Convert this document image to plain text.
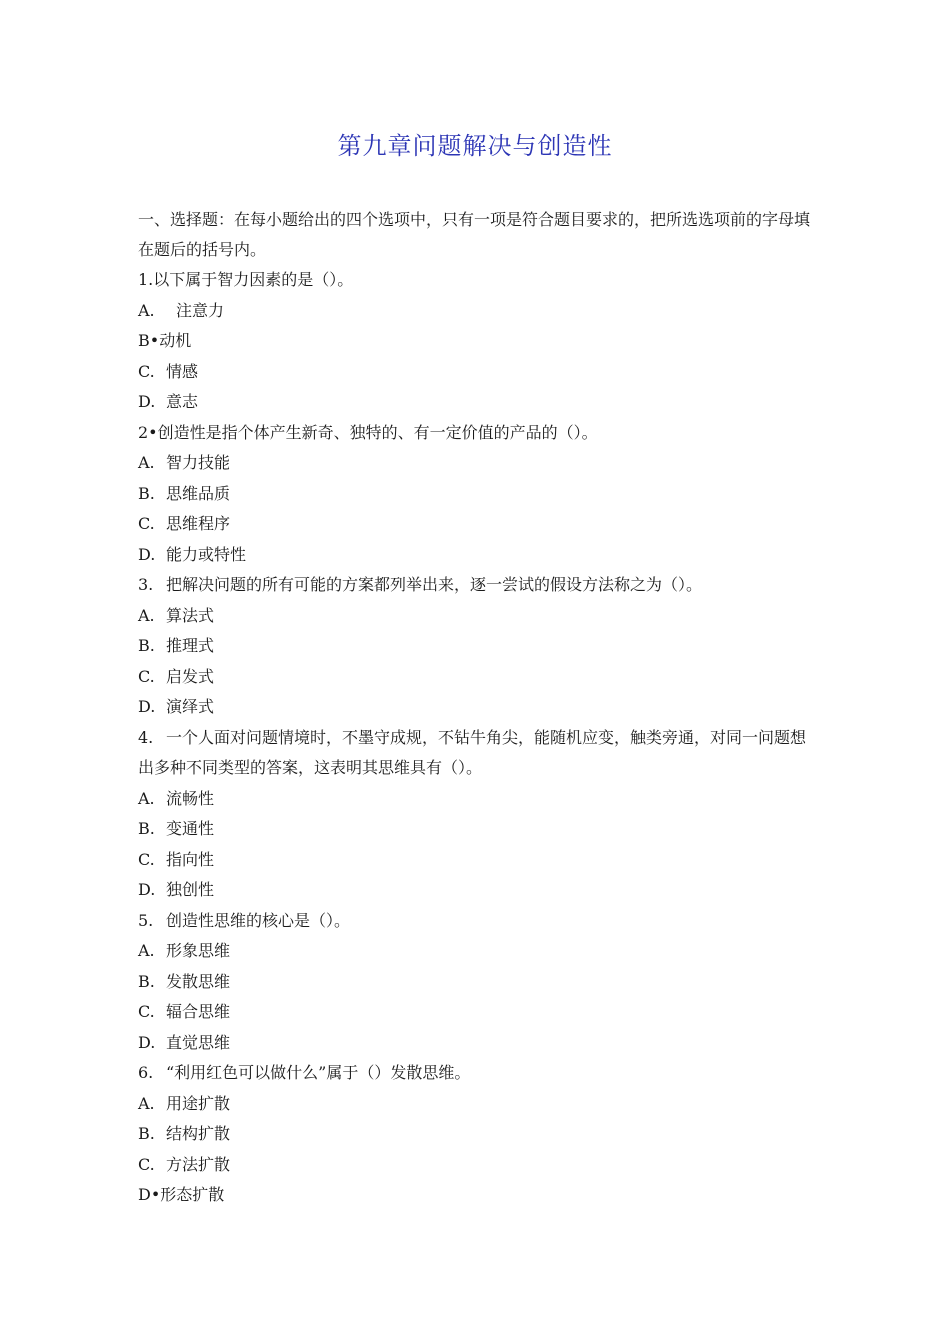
第九章问题解决与创造性

一、选择题：在每小题给出的四个选项中，只有一项是符合题目要求的，把所选选项前的字母填在题后的括号内。

1.以下属于智力因素的是（）。
A. 注意力
B•动机
C. 情感
D. 意志
2•创造性是指个体产生新奇、独特的、有一定价值的产品的（）。
A. 智力技能
B. 思维品质
C. 思维程序
D. 能力或特性
3. 把解决问题的所有可能的方案都列举出来，逐一尝试的假设方法称之为（）。
A. 算法式
B. 推理式
C. 启发式
D. 演绎式
4. 一个人面对问题情境时，不墨守成规，不钻牛角尖，能随机应变，触类旁通，对同一问题想出多种不同类型的答案，这表明其思维具有（）。
A. 流畅性
B. 变通性
C. 指向性
D. 独创性
5. 创造性思维的核心是（）。
A. 形象思维
B. 发散思维
C. 辐合思维
D. 直觉思维
6. “利用红色可以做什么”属于（）发散思维。
A. 用途扩散
B. 结构扩散
C. 方法扩散
D•形态扩散
